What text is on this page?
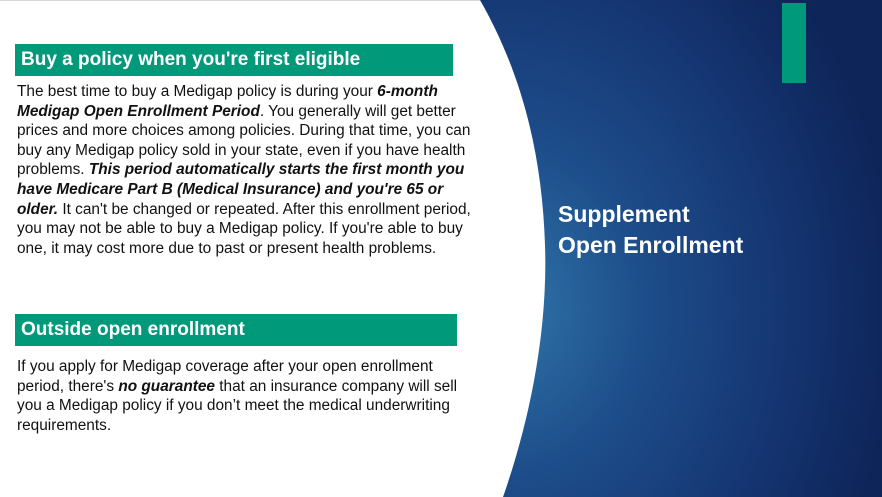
Supplement
Open Enrollment
Buy a policy when you're first eligible
The best time to buy a Medigap policy is during your 6-month Medigap Open Enrollment Period. You generally will get better prices and more choices among policies. During that time, you can buy any Medigap policy sold in your state, even if you have health problems. This period automatically starts the first month you have Medicare Part B (Medical Insurance) and you're 65 or older. It can't be changed or repeated. After this enrollment period, you may not be able to buy a Medigap policy. If you're able to buy one, it may cost more due to past or present health problems.
Outside open enrollment
If you apply for Medigap coverage after your open enrollment period, there's no guarantee that an insurance company will sell you a Medigap policy if you don’t meet the medical underwriting requirements.
